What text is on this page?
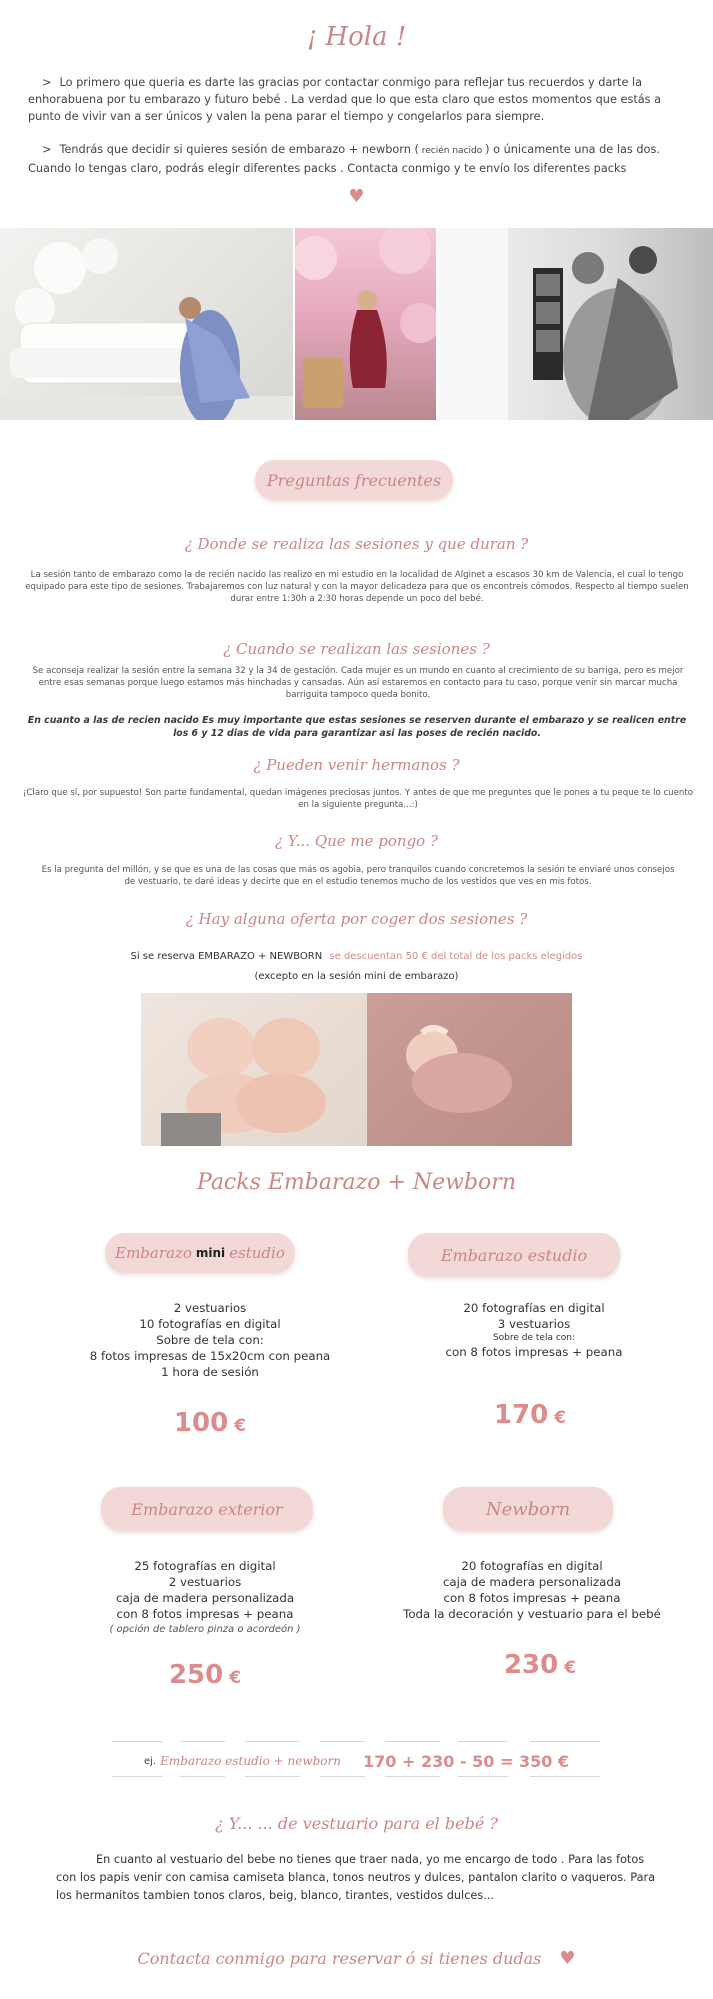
¡ Hola !
> Lo primero que queria es darte las gracias por contactar conmigo para reflejar tus recuerdos y darte la enhorabuena por tu embarazo y futuro bebé . La verdad que lo que esta claro que estos momentos que estás a punto de vivir van a ser únicos y valen la pena parar el tiempo y congelarlos para siempre.
> Tendrás que decidir si quieres sesión de embarazo + newborn ( recién nacido ) o únicamente una de las dos. Cuando lo tengas claro, podrás elegir diferentes packs . Contacta conmigo y te envío los diferentes packs
♥
Preguntas frecuentes
¿ Donde se realiza las sesiones y que duran ?
La sesión tanto de embarazo como la de recién nacido las realizo en mi estudio en la localidad de Alginet a escasos 30 km de Valencia, el cual lo tengo equipado para este tipo de sesiones. Trabajaremos con luz natural y con la mayor delicadeza para que os encontreis cómodos. Respecto al tiempo suelen durar entre 1:30h a 2:30 horas depende un poco del bebé.
¿ Cuando se realizan las sesiones ?
Se aconseja realizar la sesión entre la semana 32 y la 34 de gestación. Cada mujer es un mundo en cuanto al crecimiento de su barriga, pero es mejor entre esas semanas porque luego estamos más hinchadas y cansadas. Aún así estaremos en contacto para tu caso, porque venir sin marcar mucha barriguita tampoco queda bonito.
En cuanto a las de recien nacido Es muy importante que estas sesiones se reserven durante el embarazo y se realicen entre los 6 y 12 dias de vida para garantizar asi las poses de recién nacido.
¿ Pueden venir hermanos ?
¡Claro que sí, por supuesto! Son parte fundamental, quedan imágenes preciosas juntos. Y antes de que me preguntes que le pones a tu peque te lo cuento en la siguiente pregunta...:)
¿ Y... Que me pongo ?
Es la pregunta del millón, y se que es una de las cosas que más os agobia, pero tranquilos cuando concretemos la sesión te enviaré unos consejos de vestuario, te daré ideas y decirte que en el estudio tenemos mucho de los vestidos que ves en mis fotos.
¿ Hay alguna oferta por coger dos sesiones ?
Si se reserva EMBARAZO + NEWBORN se descuentan 50 € del total de los packs elegidos
(excepto en la sesión mini de embarazo)
Packs Embarazo + Newborn
Embarazo mini estudio
2 vestuarios
10 fotografías en digital
Sobre de tela con:
8 fotos impresas de 15x20cm con peana
1 hora de sesión
100 €
Embarazo estudio
20 fotografías en digital
3 vestuarios
Sobre de tela con:
con 8 fotos impresas + peana
170 €
Embarazo exterior
25 fotografías en digital
2 vestuarios
caja de madera personalizada
con 8 fotos impresas + peana
( opción de tablero pinza o acordeón )
250 €
Newborn
20 fotografías en digital
caja de madera personalizada
con 8 fotos impresas + peana
Toda la decoración y vestuario para el bebé
230 €
ej. Embarazo estudio + newborn 170 + 230 - 50 = 350 €
¿ Y... ... de vestuario para el bebé ?
En cuanto al vestuario del bebe no tienes que traer nada, yo me encargo de todo . Para las fotos con los papis venir con camisa camiseta blanca, tonos neutros y dulces, pantalon clarito o vaqueros. Para los hermanitos tambien tonos claros, beig, blanco, tirantes, vestidos dulces...
Contacta conmigo para reservar ó si tienes dudas ♥
